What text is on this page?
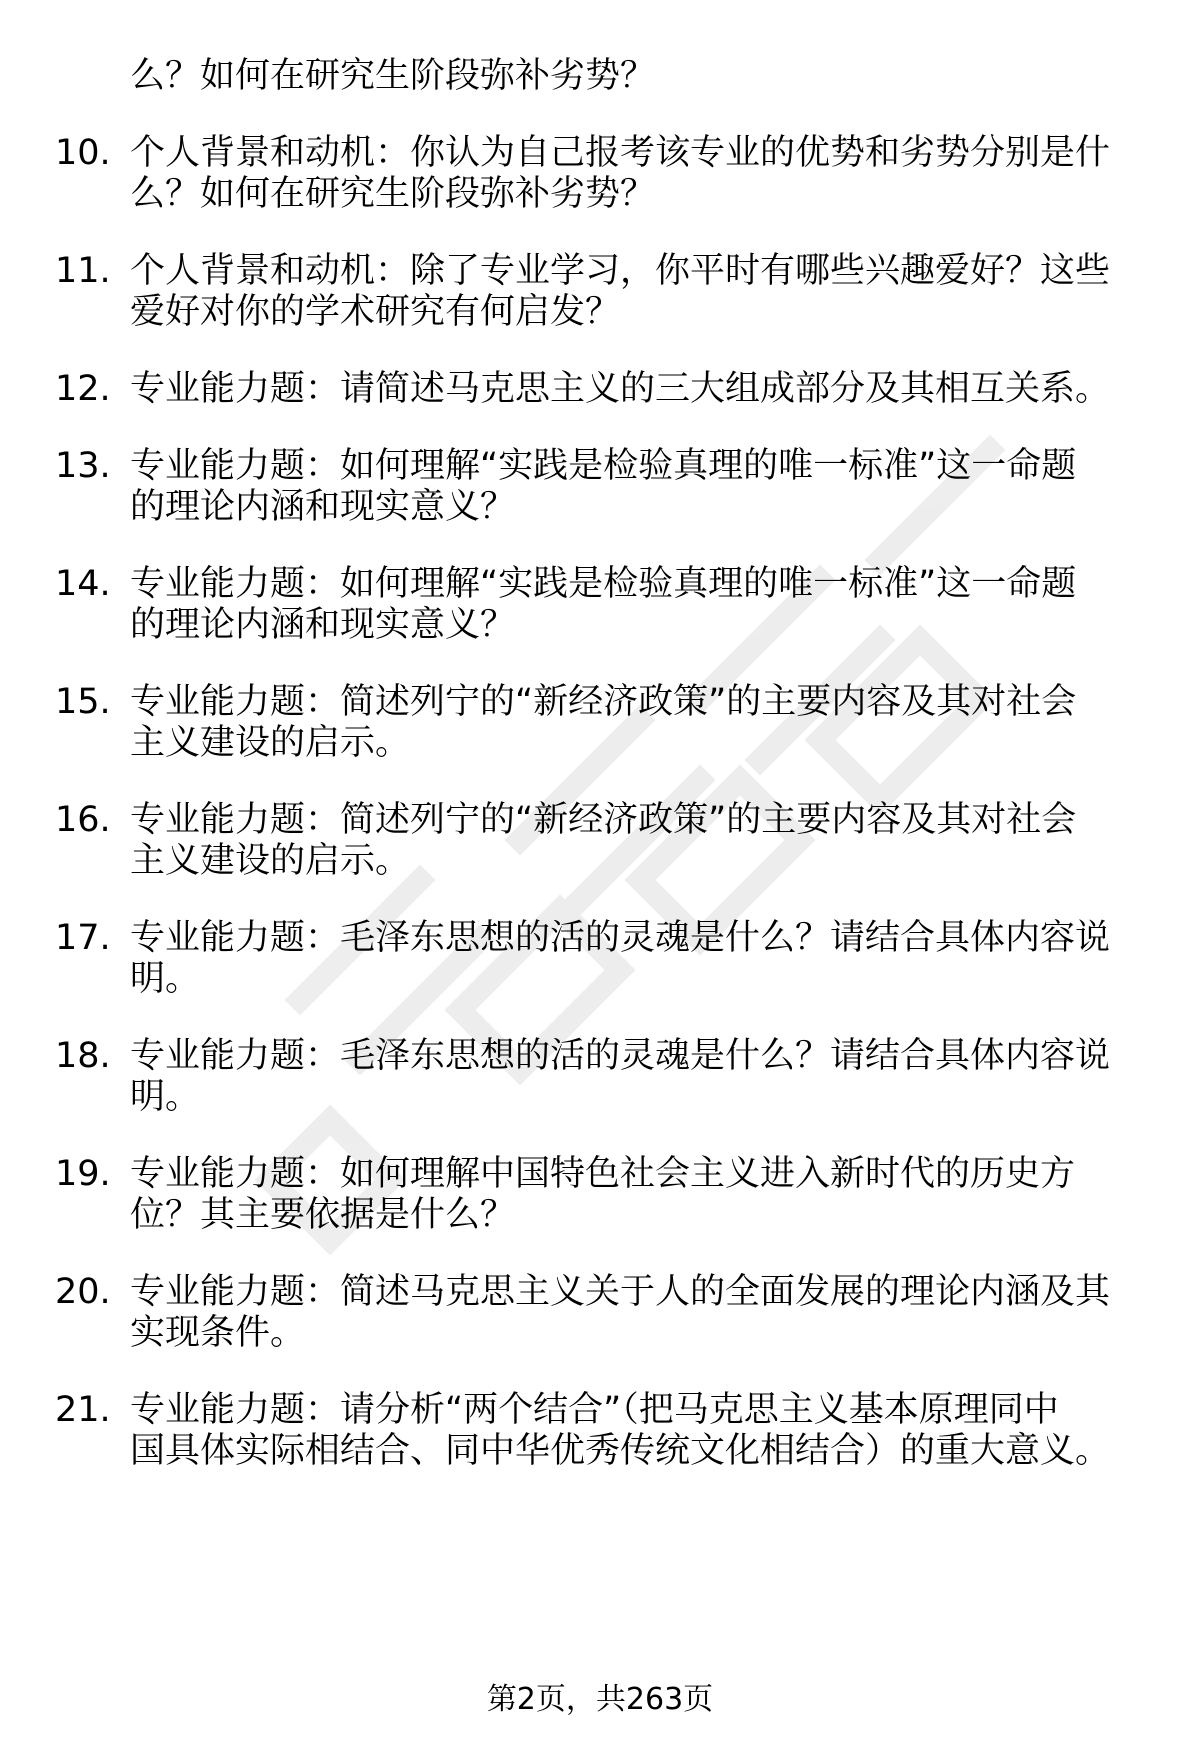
么？如何在研究生阶段弥补劣势？
10. 个人背景和动机：你认为自己报考该专业的优势和劣势分别是什
么？如何在研究生阶段弥补劣势？
11. 个人背景和动机：除了专业学习，你平时有哪些兴趣爱好？这些
爱好对你的学术研究有何启发？
12. 专业能力题：请简述马克思主义的三大组成部分及其相互关系。
13. 专业能力题：如何理解“实践是检验真理的唯一标准”这一命题
的理论内涵和现实意义？
14. 专业能力题：如何理解“实践是检验真理的唯一标准”这一命题
的理论内涵和现实意义？
15. 专业能力题：简述列宁的“新经济政策”的主要内容及其对社会
主义建设的启示。
16. 专业能力题：简述列宁的“新经济政策”的主要内容及其对社会
主义建设的启示。
17. 专业能力题：毛泽东思想的活的灵魂是什么？请结合具体内容说
明。
18. 专业能力题：毛泽东思想的活的灵魂是什么？请结合具体内容说
明。
19. 专业能力题：如何理解中国特色社会主义进入新时代的历史方
位？其主要依据是什么？
20. 专业能力题：简述马克思主义关于人的全面发展的理论内涵及其
实现条件。
21. 专业能力题：请分析“两个结合”（把马克思主义基本原理同中
国具体实际相结合、同中华优秀传统文化相结合）的重大意义。
第2页，共263页
